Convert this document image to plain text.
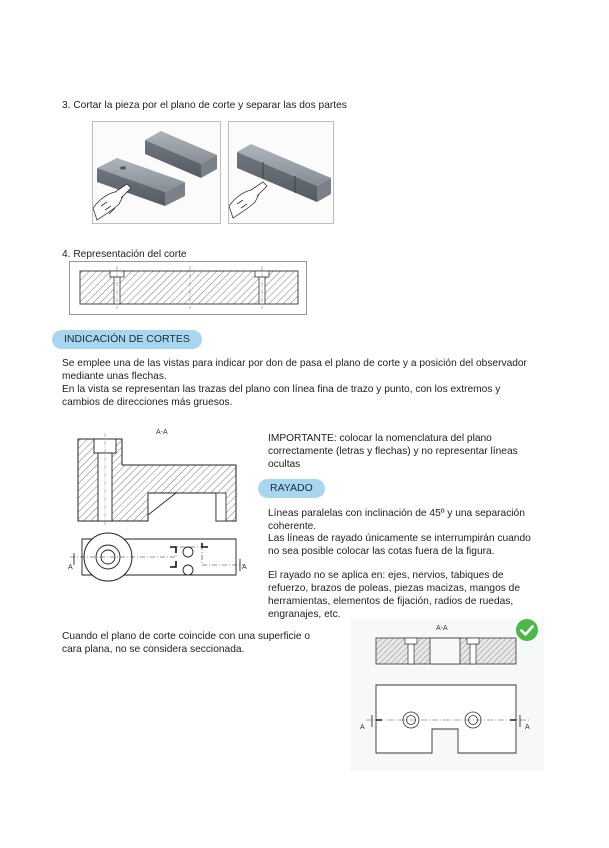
3. Cortar la pieza por el plano de corte y separar las dos partes
4. Representación del corte
INDICACIÓN DE CORTES
Se emplee una de las vistas para indicar por don de pasa el plano de corte y a posición del observador mediante unas flechas.
En la vista se representan las trazas del plano con línea fina de trazo y punto, con los extremos y cambios de direcciones más gruesos.
A-A
A	A
IMPORTANTE: colocar la nomenclatura del plano correctamente (letras y flechas) y no representar líneas ocultas
RAYADO
Líneas paralelas con inclinación de 45º y una separación coherente.
Las líneas de rayado únicamente se interrumpirán cuando no sea posible colocar las cotas fuera de la figura.
El rayado no se aplica en: ejes, nervios, tabiques de refuerzo, brazos de poleas, piezas macizas, mangos de herramientas, elementos de fijación, radios de ruedas, engranajes, etc.
Cuando el plano de corte coincide con una superficie o cara plana, no se considera seccionada.
A-A
A	A
